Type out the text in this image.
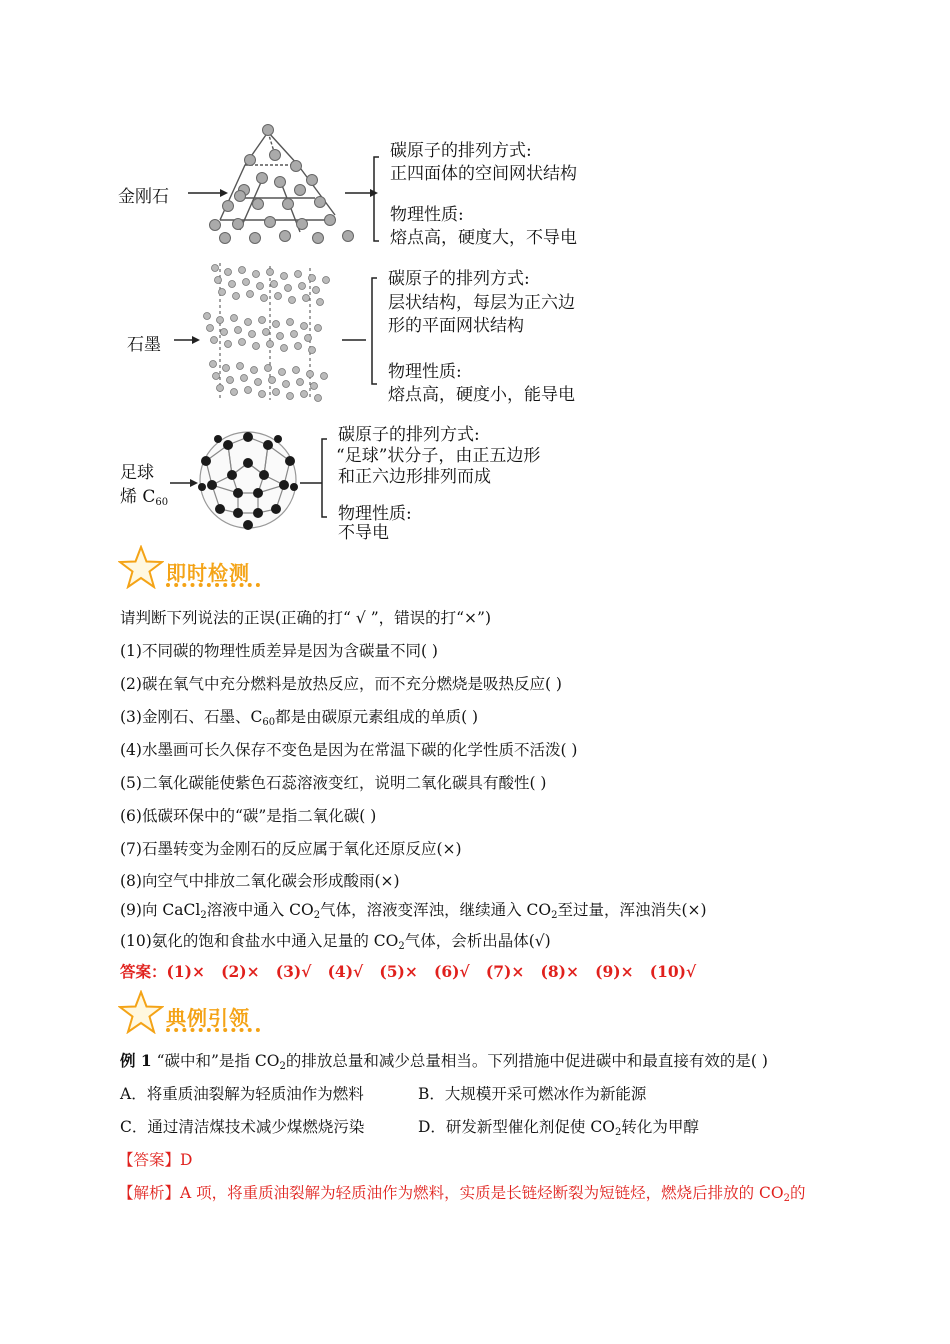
金刚石
碳原子的排列方式:
正四面体的空间网状结构
物理性质:
熔点高，硬度大，不导电
石墨
碳原子的排列方式:
层状结构，每层为正六边
形的平面网状结构
物理性质:
熔点高，硬度小，能导电
足球
烯 $C_{60}$
碳原子的排列方式:
“足球”状分子，由正五边形
和正六边形排列而成
物理性质:
不导电
即时检测
请判断下列说法的正误(正确的打“ √ ”，错误的打“×”)
(1)不同碳的物理性质差异是因为含碳量不同( )
(2)碳在氧气中充分燃料是放热反应，而不充分燃烧是吸热反应( )
(3)金刚石、石墨、$C_{60}$都是由碳原元素组成的单质( )
(4)水墨画可长久保存不变色是因为在常温下碳的化学性质不活泼( )
(5)二氧化碳能使紫色石蕊溶液变红，说明二氧化碳具有酸性( )
(6)低碳环保中的“碳”是指二氧化碳( )
(7)石墨转变为金刚石的反应属于氧化还原反应(×)
(8)向空气中排放二氧化碳会形成酸雨(×)
(9)向 CaCl$_2$溶液中通入 $CO_2$气体，溶液变浑浊，继续通入 $CO_2$至过量，浑浊消失(×)
(10)氨化的饱和食盐水中通入足量的 $CO_2$气体，会析出晶体(√)
答案：(1)×   (2)×   (3)√   (4)√   (5)×   (6)√   (7)×   (8)×   (9)×   (10)√
典例引领
例 1 “碳中和”是指 $CO_2$的排放总量和减少总量相当。下列措施中促进碳中和最直接有效的是( )
A．将重质油裂解为轻质油作为燃料	B．大规模开采可燃冰作为新能源
C．通过清洁煤技术减少煤燃烧污染	D．研发新型催化剂促使 $CO_2$转化为甲醇
【答案】D
【解析】A 项，将重质油裂解为轻质油作为燃料，实质是长链烃断裂为短链烃，燃烧后排放的 $CO_2$的
